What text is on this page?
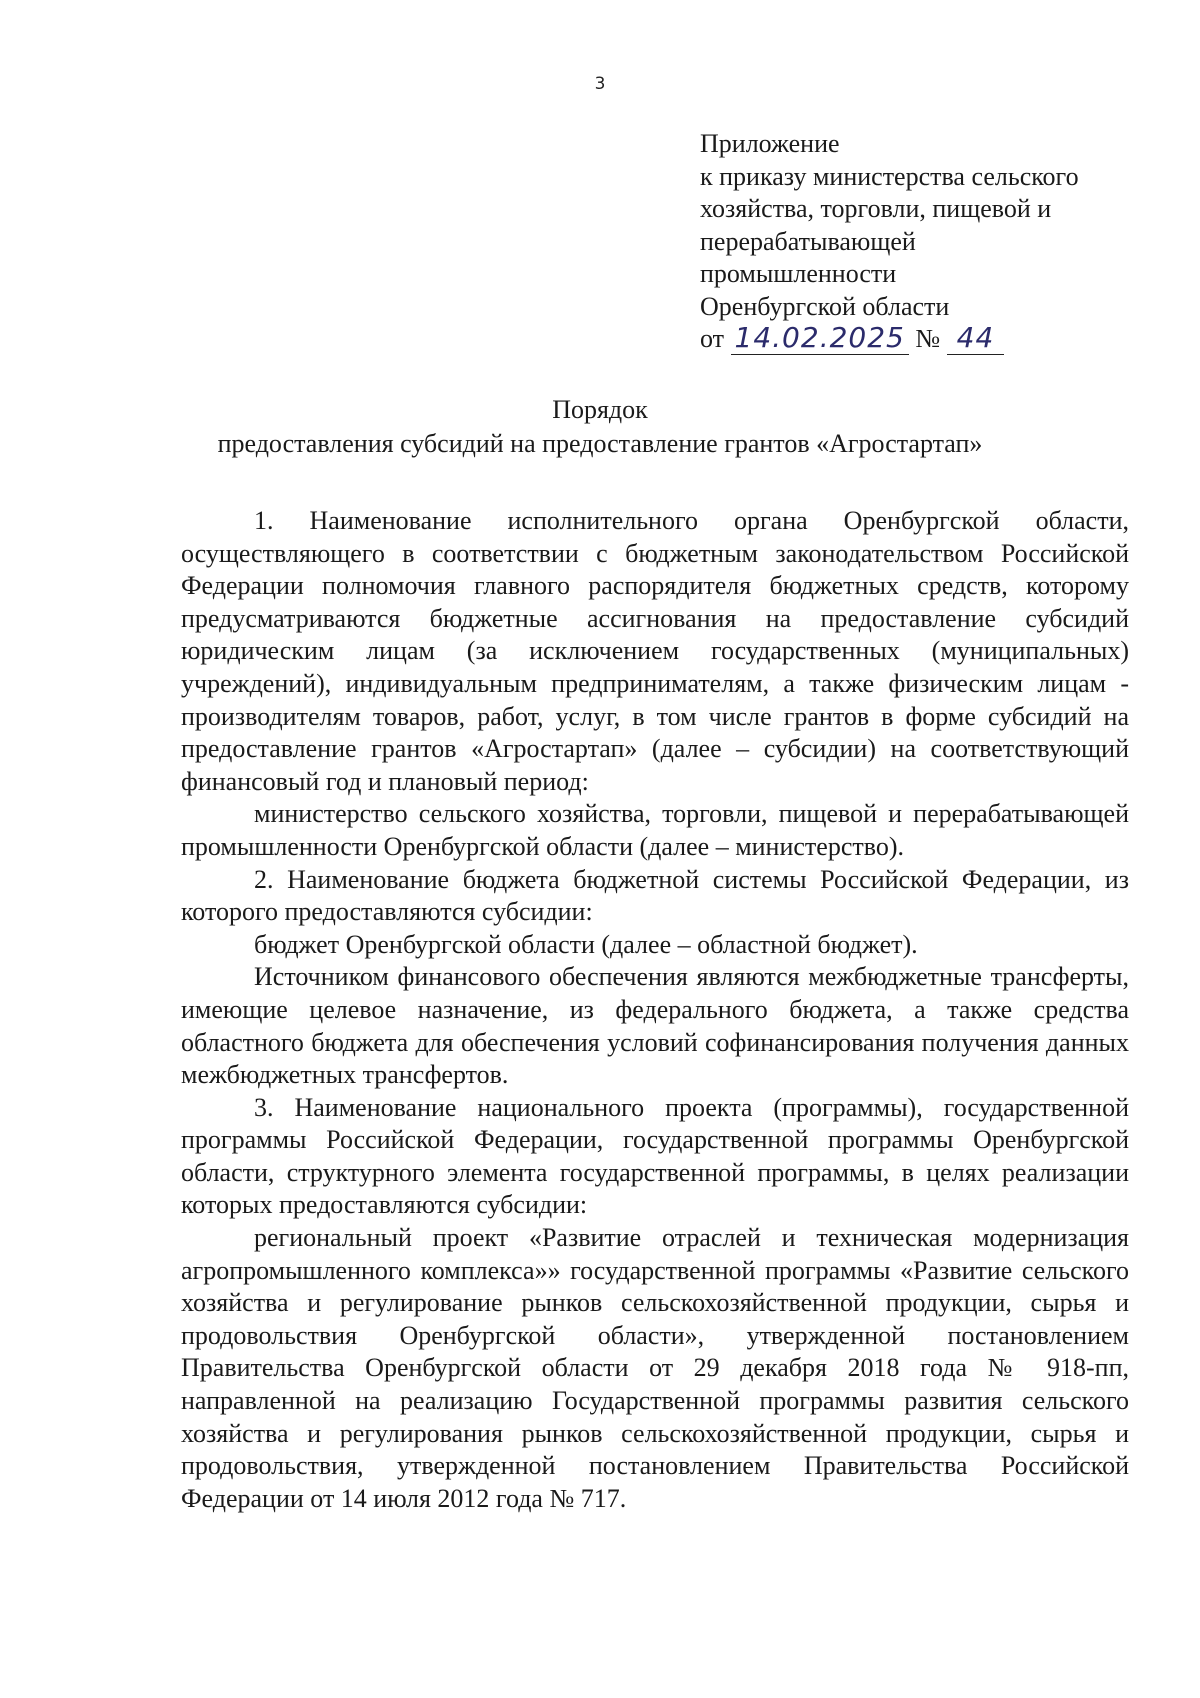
3
Приложение
к приказу министерства сельского
хозяйства, торговли, пищевой и
перерабатывающей
промышленности
Оренбургской области
от 14.02.2025 № 44
Порядок
предоставления субсидий на предоставление грантов «Агростартап»

1. Наименование исполнительного органа Оренбургской области, осуществляющего в соответствии с бюджетным законодательством Российской Федерации полномочия главного распорядителя бюджетных средств, которому предусматриваются бюджетные ассигнования на предоставление субсидий юридическим лицам (за исключением государственных (муниципальных) учреждений), индивидуальным предпринимателям, а также физическим лицам - производителям товаров, работ, услуг, в том числе грантов в форме субсидий на предоставление грантов «Агростартап» (далее – субсидии) на соответствующий финансовый год и плановый период:

министерство сельского хозяйства, торговли, пищевой и перерабатывающей промышленности Оренбургской области (далее – министерство).

2. Наименование бюджета бюджетной системы Российской Федерации, из которого предоставляются субсидии:

бюджет Оренбургской области (далее – областной бюджет).

Источником финансового обеспечения являются межбюджетные трансферты, имеющие целевое назначение, из федерального бюджета, а также средства областного бюджета для обеспечения условий софинансирования получения данных межбюджетных трансфертов.

3. Наименование национального проекта (программы), государственной программы Российской Федерации, государственной программы Оренбургской области, структурного элемента государственной программы, в целях реализации которых предоставляются субсидии:

региональный проект «Развитие отраслей и техническая модернизация агропромышленного комплекса»» государственной программы «Развитие сельского хозяйства и регулирование рынков сельскохозяйственной продукции, сырья и продовольствия Оренбургской области», утвержденной постановлением Правительства Оренбургской области от 29 декабря 2018 года № 918-пп, направленной на реализацию Государственной программы развития сельского хозяйства и регулирования рынков сельскохозяйственной продукции, сырья и продовольствия, утвержденной постановлением Правительства Российской Федерации от 14 июля 2012 года № 717.
